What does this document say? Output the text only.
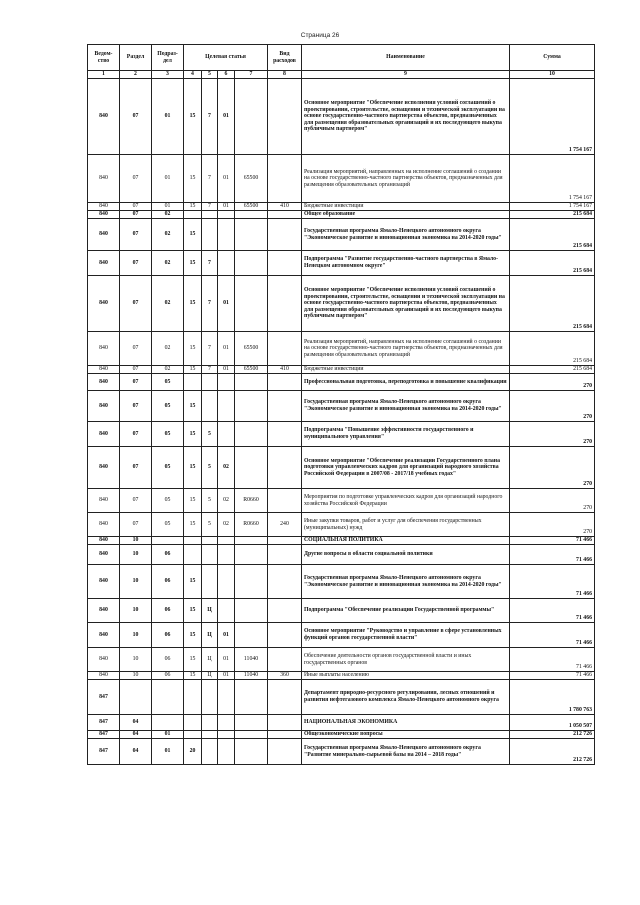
Страница 26
Ведом-ство	Раздел	Подраз-дел	Целевая статья				Вид расходов	Наименование	Сумма
1	2	3	4	5	6	7	8	9	10
840	07	01	15	7	01			Основное мероприятие "Обеспечение исполнения условий соглашений о проектировании, строительстве, оснащении и технической эксплуатации на основе государственно-частного партнерства объектов, предназначенных для размещения образовательных организаций и их последующего выкупа публичным партнером"	1 754 167
840	07	01	15	7	01	65500		Реализация мероприятий, направленных на исполнение соглашений о создании на основе государственно-частного партнерства объектов, предназначенных для размещения образовательных организаций	1 754 167
840	07	01	15	7	01	65500	410	Бюджетные инвестиции	1 754 167
840	07	02						Общее образование	215 684
840	07	02	15					Государственная программа Ямало-Ненецкого автономного округа "Экономическое развитие и инновационная экономика на 2014-2020 годы"	215 684
840	07	02	15	7				Подпрограмма "Развитие государственно-частного партнерства в Ямало-Ненецком автономном округе"	215 684
840	07	02	15	7	01			Основное мероприятие "Обеспечение исполнения условий соглашений о проектировании, строительстве, оснащении и технической эксплуатации на основе государственно-частного партнерства объектов, предназначенных для размещения образовательных организаций и их последующего выкупа публичным партнером"	215 684
840	07	02	15	7	01	65500		Реализация мероприятий, направленных на исполнение соглашений о создании на основе государственно-частного партнерства объектов, предназначенных для размещения образовательных организаций	215 684
840	07	02	15	7	01	65500	410	Бюджетные инвестиции	215 684
840	07	05						Профессиональная подготовка, переподготовка и повышение квалификации	270
840	07	05	15					Государственная программа Ямало-Ненецкого автономного округа "Экономическое развитие и инновационная экономика на 2014-2020 годы"	270
840	07	05	15	5				Подпрограмма "Повышение эффективности государственного и муниципального управления"	270
840	07	05	15	5	02			Основное мероприятие "Обеспечение реализации Государственного плана подготовки управленческих кадров для организаций народного хозяйства Российской Федерации в 2007/08 - 2017/18 учебных годах"	270
840	07	05	15	5	02	R0660		Мероприятия по подготовке управленческих кадров для организаций народного хозяйства Российской Федерации	270
840	07	05	15	5	02	R0660	240	Иные закупки товаров, работ и услуг для обеспечения государственных (муниципальных) нужд	270
840	10							СОЦИАЛЬНАЯ ПОЛИТИКА	71 466
840	10	06						Другие вопросы в области социальной политики	71 466
840	10	06	15					Государственная программа Ямало-Ненецкого автономного округа "Экономическое развитие и инновационная экономика на 2014-2020 годы"	71 466
840	10	06	15	Ц				Подпрограмма "Обеспечение реализации Государственной программы"	71 466
840	10	06	15	Ц	01			Основное мероприятие "Руководство и управление в сфере установленных функций органов государственной власти"	71 466
840	10	06	15	Ц	01	11040		Обеспечение деятельности органов государственной власти и иных государственных органов	71 466
840	10	06	15	Ц	01	11040	360	Иные выплаты населению	71 466
847								Департамент природно-ресурсного регулирования, лесных отношений и развития нефтегазового комплекса Ямало-Ненецкого автономного округа	1 780 763
847	04							НАЦИОНАЛЬНАЯ ЭКОНОМИКА	1 050 507
847	04	01						Общеэкономические вопросы	212 726
847	04	01	20					Государственная программа Ямало-Ненецкого автономного округа "Развитие минерально-сырьевой базы на 2014 – 2018 годы"	212 726
